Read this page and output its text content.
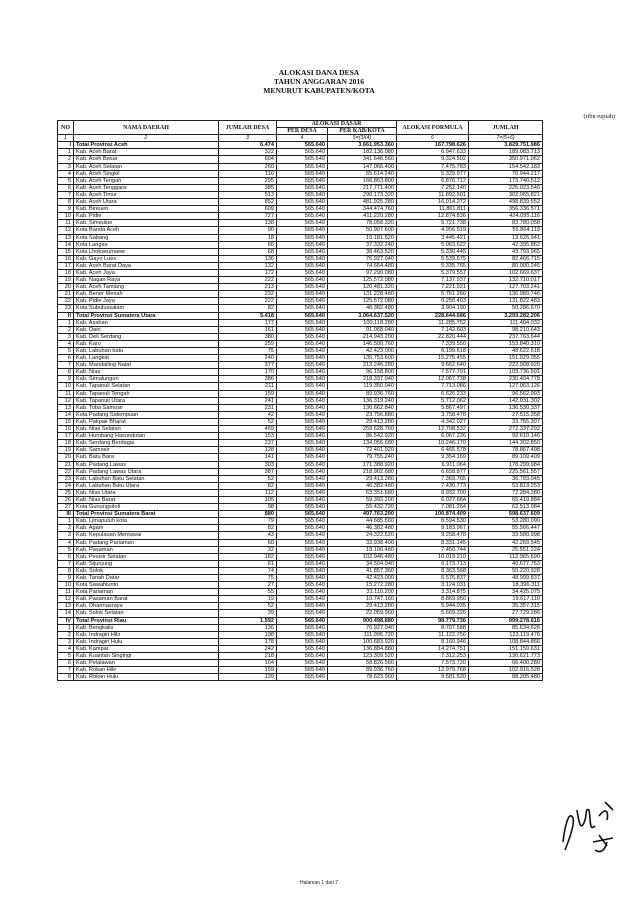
ALOKASI DANA DESA
TAHUN ANGGARAN 2016
MENURUT KABUPATEN/KOTA
(ribu rupiah)
NO	NAMA DAERAH	JUMLAH DESA	ALOKASI DASAR		ALOKASI FORMULA	JUMLAH
			PER DESA	PER KAB/KOTA		
1	2	3	4	5=(3X4)	6	7=(5+6)
I	Total Provinsi Aceh	6.474	565.640	3.661.953.360	167.798.626	3.829.751.986
1	Kab. Aceh Barat	322	565.640	182.136.080	6.947.633	189.083.713
2	Kab. Aceh Besar	604	565.640	341.646.560	9.324.502	350.971.062
3	Kab. Aceh Selatan	260	565.640	147.066.400	7.475.783	154.542.183
4	Kab. Aceh Singkil	116	565.640	65.614.240	5.329.977	70.944.217
5	Kab. Aceh Tengah	295	565.640	166.863.800	6.876.712	173.740.512
6	Kab. Aceh Tenggara	385	565.640	217.771.400	7.252.140	225.023.540
7	Kab. Aceh Timur	513	565.640	290.173.320	11.892.501	302.065.821
8	Kab. Aceh Utara	852	565.640	481.925.280	16.914.272	498.839.552
9	Kab. Bireuen	609	565.640	344.474.760	11.861.811	356.336.571
10	Kab. Pidie	727	565.640	411.220.280	12.874.836	424.095.116
11	Kab. Simeulue	138	565.640	78.058.320	5.721.738	83.780.058
12	Kota Banda Aceh	90	565.640	50.907.600	4.956.519	55.864.119
13	Kota Sabang	18	565.640	10.181.520	3.445.421	13.626.941
14	Kota Langsa	66	565.640	37.332.240	5.063.622	42.395.862
15	Kota Lhokseumawe	68	565.640	38.463.520	5.330.445	43.793.965
16	Kab. Gayo Lues	136	565.640	76.927.040	5.539.675	82.466.715
17	Kab. Aceh Barat Daya	132	565.640	74.664.480	5.335.765	80.000.245
18	Kab. Aceh Jaya	172	565.640	97.290.080	5.379.557	102.669.637
19	Kab. Nagan Raya	222	565.640	125.572.080	7.137.937	132.710.017
20	Kab. Aceh Tamiang	213	565.640	120.481.320	7.221.921	127.703.241
21	Kab. Bener Meriah	232	565.640	131.228.480	5.761.266	136.989.746
22	Kab. Pidie Jaya	222	565.640	125.572.080	6.250.403	131.822.483
23	Kota Subulussalam	82	565.640	46.382.480	3.904.190	50.286.670
II	Total Provinsi Sumatera Utara	5.418	565.640	3.064.637.520	228.644.686	3.293.282.206
1	Kab. Asahan	177	565.640	100.118.280	11.285.752	111.404.032
2	Kab. Dairi	161	565.640	91.068.040	7.142.603	98.210.643
3	Kab. Deli Serdang	380	565.640	214.943.200	22.820.444	237.763.644
4	Kab. Karo	259	565.640	146.500.760	7.339.550	153.840.310
5	Kab. Labuhan batu	75	565.640	42.423.000	6.199.618	48.622.618
6	Kab. Langkat	240	565.640	135.753.600	15.275.455	151.029.055
7	Kab. Mandailing Natal	377	565.640	213.246.280	9.662.640	222.908.920
8	Kab. Nias	170	565.640	96.158.800	7.577.701	103.736.501
9	Kab. Simalungun	386	565.640	218.337.040	12.067.738	230.404.778
10	Kab. Tapanuli Selatan	211	565.640	119.350.040	7.713.086	127.063.126
11	Kab. Tapanuli Tengah	159	565.640	89.936.760	6.626.233	96.562.993
12	Kab. Tapanuli Utara	241	565.640	136.319.240	5.712.062	142.031.302
13	Kab. Toba Samosir	231	565.640	130.662.840	5.867.497	136.530.337
14	Kota Padang Sidempuan	42	565.640	23.756.880	3.758.478	27.515.358
15	Kab. Pakpak Bharat	52	565.640	29.413.280	4.342.027	33.755.307
16	Kab. Nias Selatan	459	565.640	259.628.760	12.708.532	272.337.292
17	Kab. Humbang Hasundutan	153	565.640	86.542.920	6.067.226	92.610.146
18	Kab. Serdang Berdagai	237	565.640	134.056.680	10.246.170	144.302.850
19	Kab. Samosir	128	565.640	72.401.920	6.465.578	78.867.498
20	Kab. Batu Bara	141	565.640	79.755.240	9.354.169	89.109.409
21	Kab. Padang Lawas	303	565.640	171.388.920	6.911.064	178.299.984
22	Kab. Padang Lawas Utara	387	565.640	218.902.680	6.658.877	225.561.557
23	Kab. Labuhan Batu Selatan	52	565.640	29.413.280	7.369.765	36.783.045
24	Kab. Labuhan Batu Utara	82	565.640	46.382.480	7.430.773	53.813.253
25	Kab. Nias Utara	112	565.640	63.351.680	8.932.700	72.284.380
26	Kab. Nias Barat	105	565.640	59.392.200	6.027.684	65.419.884
27	Kota Gunungsitoli	98	565.640	55.432.720	7.081.264	62.513.984
III	Total Provinsi Sumatera Barat	880	565.640	497.763.200	100.874.409	598.637.609
1	Kab. Limapuluh kota	79	565.640	44.685.560	8.594.530	53.280.090
2	Kab. Agam	82	565.640	46.382.480	9.183.967	55.566.447
3	Kab. Kepulauan Mentawai	43	565.640	24.322.520	9.258.478	33.580.998
4	Kab. Padang Pariaman	60	565.640	33.938.400	8.331.145	42.269.545
5	Kab. Pasaman	32	565.640	18.100.480	7.450.744	25.551.224
6	Kab. Pesisir Selatan	182	565.640	102.946.480	10.019.210	112.965.690
7	Kab. Sijunjung	61	565.640	34.504.040	6.173.713	40.677.753
8	Kab. Solok	74	565.640	41.857.360	8.363.568	50.220.928
9	Kab. Tanah Datar	75	565.640	42.423.000	6.576.837	48.999.837
10	Kota Sawahlunto	27	565.640	15.272.280	3.124.031	18.396.311
11	Kota Pariaman	55	565.640	31.110.200	3.314.875	34.425.075
12	Kab. Pasaman Barat	19	565.640	10.747.160	8.869.950	19.617.110
13	Kab. Dharmasraya	52	565.640	29.413.280	5.944.035	35.357.315
14	Kab. Solok Selatan	39	565.640	22.059.960	5.669.326	27.729.286
IV	Total Provinsi Riau	1.592	565.640	900.498.880	98.779.736	999.278.616
1	Kab. Bengkalis	136	565.640	76.927.040	8.707.588	85.634.628
2	Kab. Indragiri Hilir	198	565.640	111.996.720	11.122.756	123.119.476
3	Kab. Indragiri Hulu	178	565.640	100.683.920	8.160.946	108.844.866
4	Kab. Kampar	242	565.640	136.884.880	14.274.751	151.159.631
5	Kab. Kuantan Singingi	218	565.640	123.309.520	7.312.253	130.621.773
6	Kab. Pelalawan	104	565.640	58.826.560	7.573.720	66.400.280
7	Kab. Rokan Hilir	159	565.640	89.936.760	12.979.768	102.916.528
8	Kab. Rokan Hulu	139	565.640	78.623.960	9.581.520	88.205.480
Halaman 1 dari 7
